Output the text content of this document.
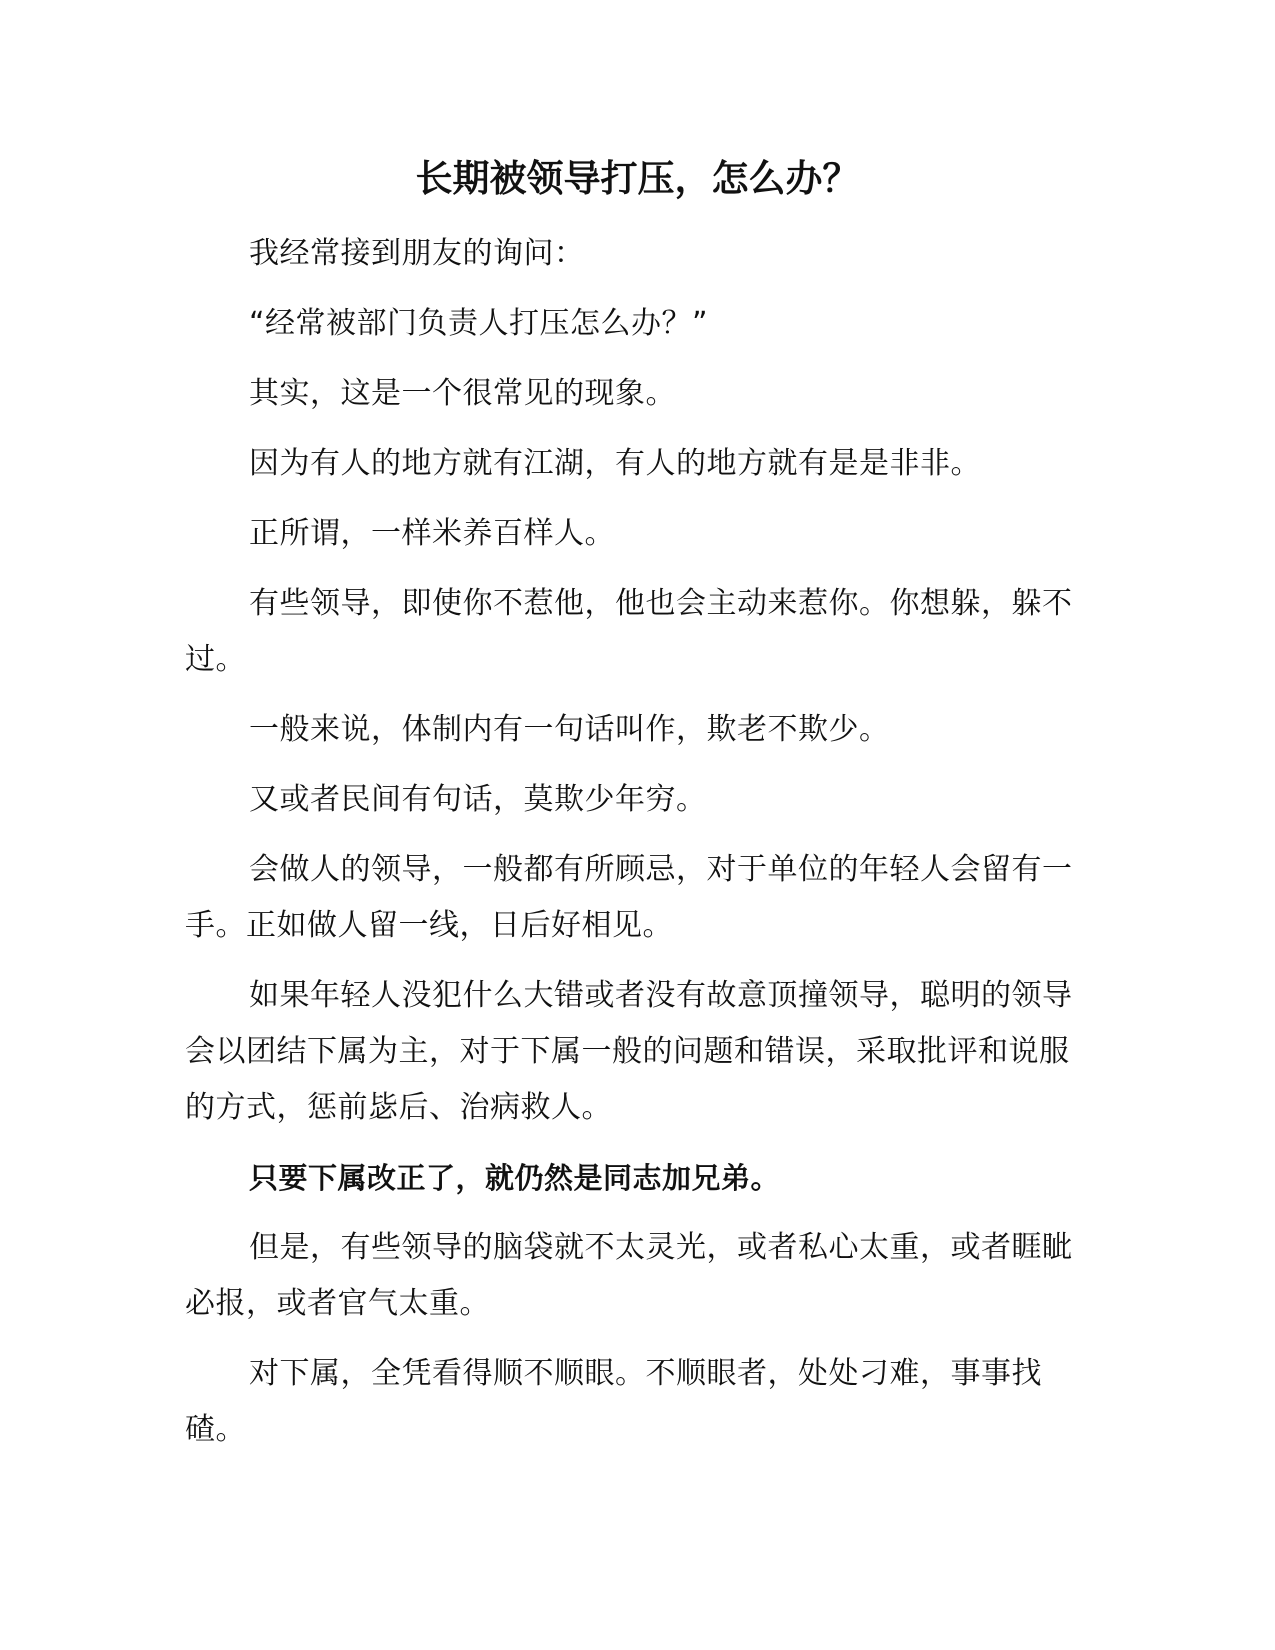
长期被领导打压，怎么办？

我经常接到朋友的询问：

“经常被部门负责人打压怎么办？”

其实，这是一个很常见的现象。

因为有人的地方就有江湖，有人的地方就有是是非非。

正所谓，一样米养百样人。

有些领导，即使你不惹他，他也会主动来惹你。你想躲，躲不过。

一般来说，体制内有一句话叫作，欺老不欺少。

又或者民间有句话，莫欺少年穷。

会做人的领导，一般都有所顾忌，对于单位的年轻人会留有一手。正如做人留一线，日后好相见。

如果年轻人没犯什么大错或者没有故意顶撞领导，聪明的领导会以团结下属为主，对于下属一般的问题和错误，采取批评和说服的方式，惩前毖后、治病救人。

只要下属改正了，就仍然是同志加兄弟。

但是，有些领导的脑袋就不太灵光，或者私心太重，或者睚眦必报，或者官气太重。

对下属，全凭看得顺不顺眼。不顺眼者，处处刁难，事事找碴。
